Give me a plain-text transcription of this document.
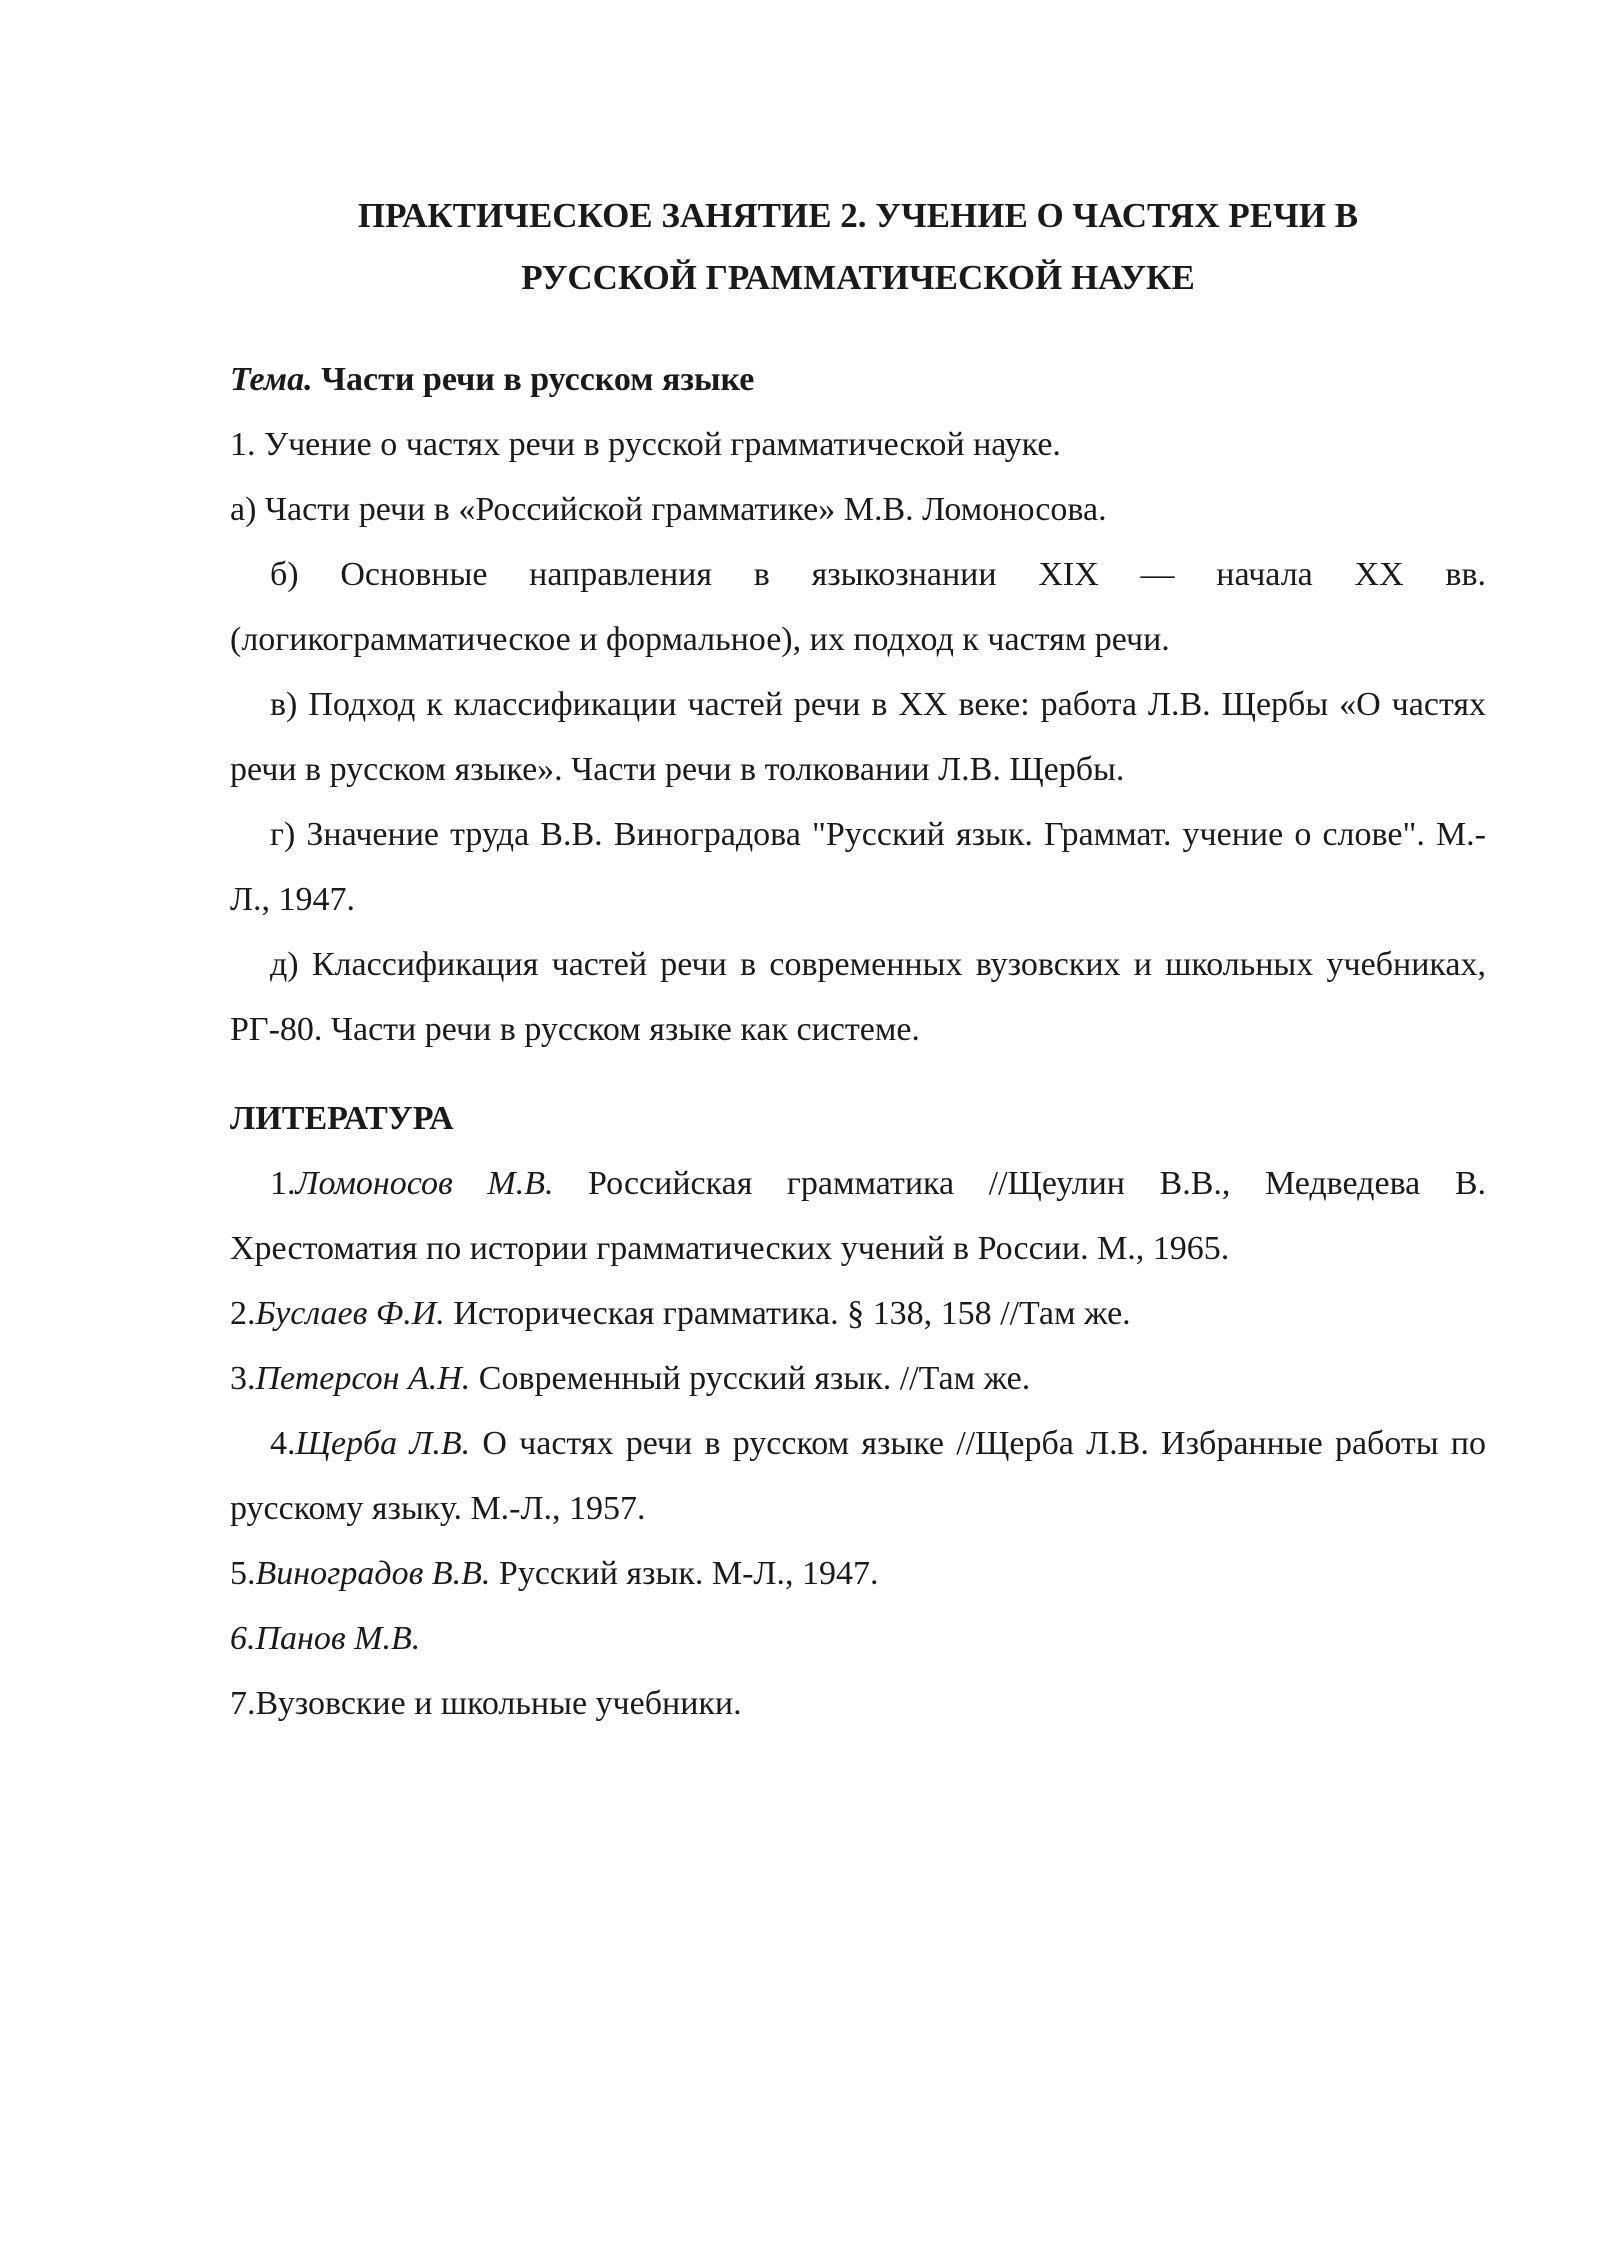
ПРАКТИЧЕСКОЕ ЗАНЯТИЕ 2. УЧЕНИЕ О ЧАСТЯХ РЕЧИ В
РУССКОЙ ГРАММАТИЧЕСКОЙ НАУКЕ

Тема. Части речи в русском языке

1. Учение о частях речи в русской грамматической науке.

а) Части речи в «Российской грамматике» М.В. Ломоносова.

б) Основные направления в языкознании XIX — начала XX вв. (логикограмматическое и формальное), их подход к частям речи.

в) Подход к классификации частей речи в XX веке: работа Л.В. Щербы «О частях речи в русском языке». Части речи в толковании Л.В. Щербы.

г) Значение труда В.В. Виноградова "Русский язык. Граммат. учение о слове". М.-Л., 1947.

д) Классификация частей речи в современных вузовских и школьных учебниках, РГ-80. Части речи в русском языке как системе.

ЛИТЕРАТУРА

1.Ломоносов М.В. Российская грамматика //Щеулин В.В., Медведева В. Хрестоматия по истории грамматических учений в России. М., 1965.

2.Буслаев Ф.И. Историческая грамматика. § 138, 158 //Там же.

3.Петерсон А.Н. Современный русский язык. //Там же.

4.Щерба Л.В. О частях речи в русском языке //Щерба Л.В. Избранные работы по русскому языку. М.-Л., 1957.

5.Виноградов В.В. Русский язык. М-Л., 1947.

6.Панов М.В.

7.Вузовские и школьные учебники.
